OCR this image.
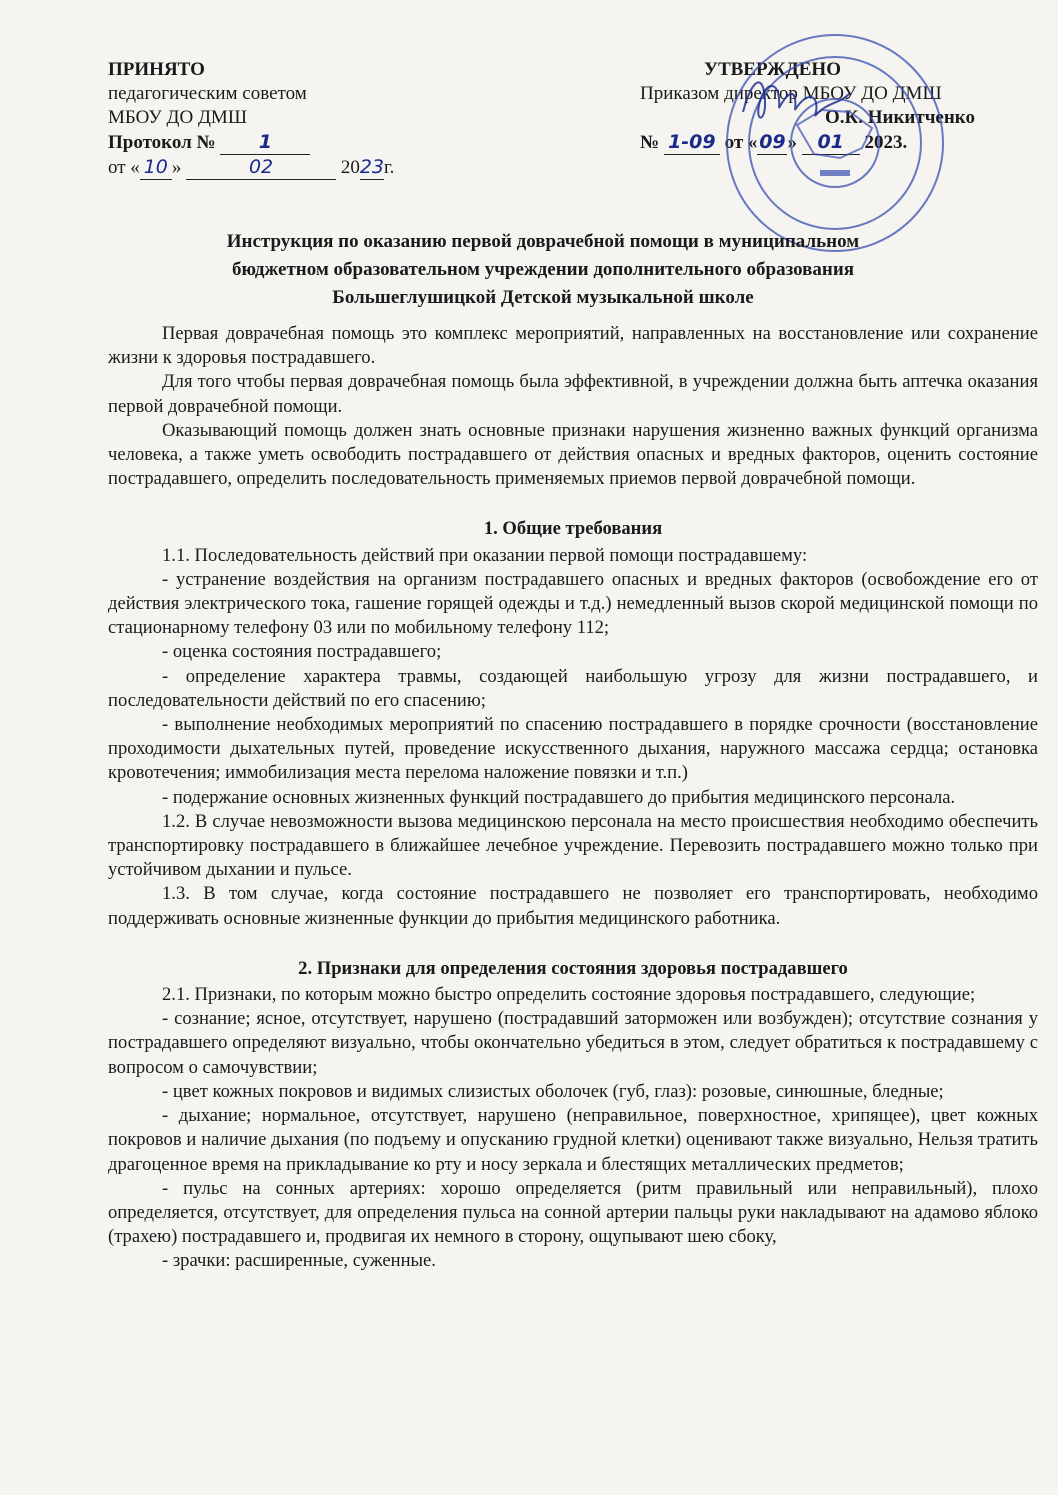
ПРИНЯТО
педагогическим советом
МБОУ ДО ДМШ
Протокол № 1
от « 10 »	02	2023г.
УТВЕРЖДЕНО
Приказом директор МБОУ ДО ДМШ
О.К. Никитченко
№ 1-09 от «09» 01 2023.
Инструкция по оказанию первой доврачебной помощи в муниципальном
бюджетном образовательном учреждении дополнительного образования
Большеглушицкой Детской музыкальной школе

Первая доврачебная помощь это комплекс мероприятий, направленных на восстановление или сохранение жизни к здоровья пострадавшего.

Для того чтобы первая доврачебная помощь была эффективной, в учреждении должна быть аптечка оказания первой доврачебной помощи.

Оказывающий помощь должен знать основные признаки нарушения жизненно важных функций организма человека, а также уметь освободить пострадавшего от действия опасных и вредных факторов, оценить состояние пострадавшего, определить последовательность применяемых приемов первой доврачебной помощи.

1. Общие требования

1.1. Последовательность действий при оказании первой помощи пострадавшему:

- устранение воздействия на организм пострадавшего опасных и вредных факторов (освобождение его от действия электрического тока, гашение горящей одежды и т.д.) немедленный вызов скорой медицинской помощи по стационарному телефону 03 или по мобильному телефону 112;

- оценка состояния пострадавшего;

- определение характера травмы, создающей наибольшую угрозу для жизни пострадавшего, и последовательности действий по его спасению;

- выполнение необходимых мероприятий по спасению пострадавшего в порядке срочности (восстановление проходимости дыхательных путей, проведение искусственного дыхания, наружного массажа сердца; остановка кровотечения; иммобилизация места перелома наложение повязки и т.п.)

- подержание основных жизненных функций пострадавшего до прибытия медицинского персонала.

1.2. В случае невозможности вызова медицинскою персонала на место происшествия необходимо обеспечить транспортировку пострадавшего в ближайшее лечебное учреждение. Перевозить пострадавшего можно только при устойчивом дыхании и пульсе.

1.3. В том случае, когда состояние пострадавшего не позволяет его транспортировать, необходимо поддерживать основные жизненные функции до прибытия медицинского работника.

2. Признаки для определения состояния здоровья пострадавшего

2.1. Признаки, по которым можно быстро определить состояние здоровья пострадавшего, следующие;

- сознание; ясное, отсутствует, нарушено (пострадавший заторможен или возбужден); отсутствие сознания у пострадавшего определяют визуально, чтобы окончательно убедиться в этом, следует обратиться к пострадавшему с вопросом о самочувствии;

- цвет кожных покровов и видимых слизистых оболочек (губ, глаз): розовые, синюшные, бледные;

- дыхание; нормальное, отсутствует, нарушено (неправильное, поверхностное, хрипящее), цвет кожных покровов и наличие дыхания (по подъему и опусканию грудной клетки) оценивают также визуально, Нельзя тратить драгоценное время на прикладывание ко рту и носу зеркала и блестящих металлических предметов;

- пульс на сонных артериях: хорошо определяется (ритм правильный или неправильный), плохо определяется, отсутствует, для определения пульса на сонной артерии пальцы руки накладывают на адамово яблоко (трахею) пострадавшего и, продвигая их немного в сторону, ощупывают шею сбоку,

- зрачки: расширенные, суженные.
